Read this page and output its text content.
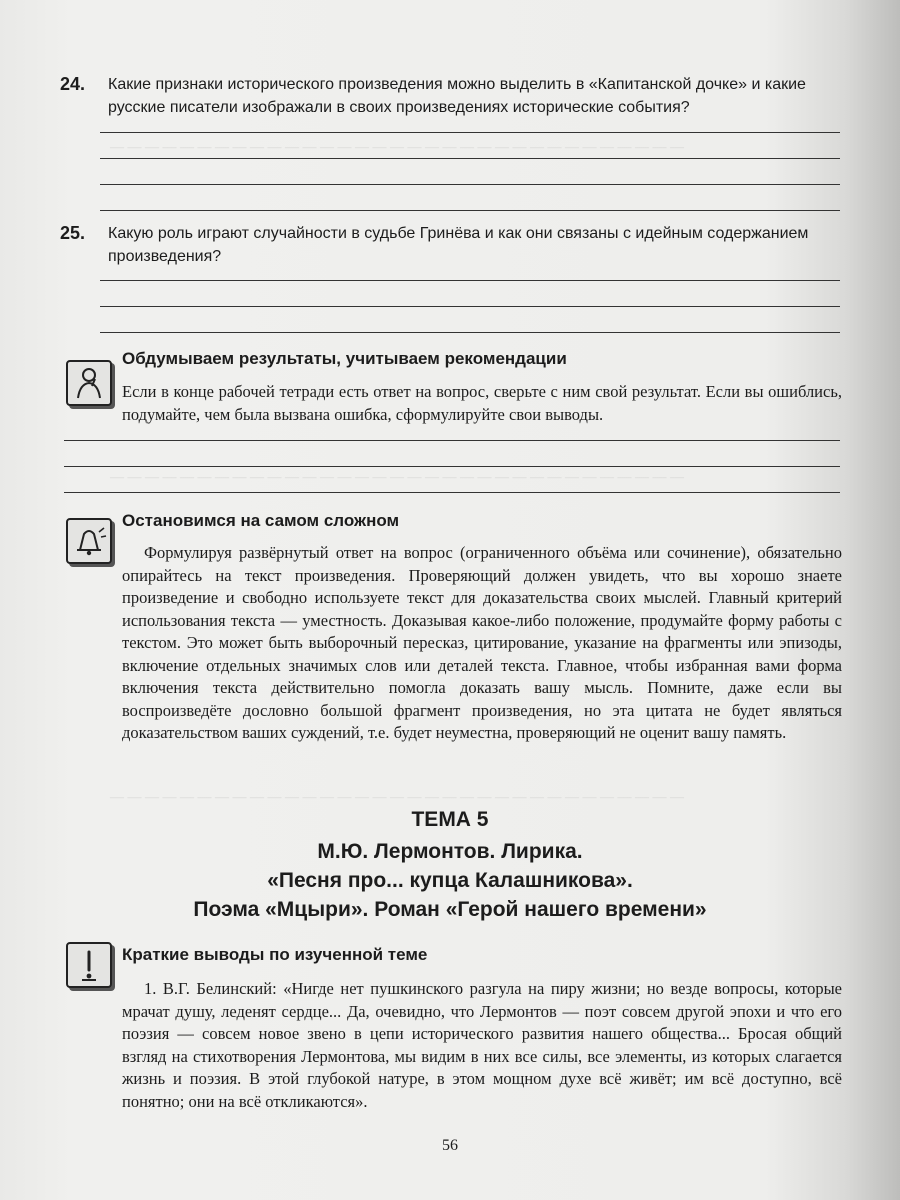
— — — — — — — — — — — — — — — — — — — — — — — — — — — — — — — — —
— — — — — — — — — — — — — — — — — — — — — — — — — — — — — — — — —
— — — — — — — — — — — — — — — — — — — — — — — — — — — — — — — — —
24. Какие признаки исторического произведения можно выделить в «Капитанской дочке» и какие русские писатели изображали в своих произведениях исторические события?
25. Какую роль играют случайности в судьбе Гринёва и как они связаны с идейным содержанием произведения?
Обдумываем результаты, учитываем рекомендации

Если в конце рабочей тетради есть ответ на вопрос, сверьте с ним свой результат. Если вы ошиблись, подумайте, чем была вызвана ошибка, сформулируйте свои выводы.

Остановимся на самом сложном

Формулируя развёрнутый ответ на вопрос (ограниченного объёма или сочинение), обязательно опирайтесь на текст произведения. Проверяющий должен увидеть, что вы хорошо знаете произведение и свободно используете текст для доказательства своих мыслей. Главный критерий использования текста — уместность. Доказывая какое-либо положение, продумайте форму работы с текстом. Это может быть выборочный пересказ, цитирование, указание на фрагменты или эпизоды, включение отдельных значимых слов или деталей текста. Главное, чтобы избранная вами форма включения текста действительно помогла доказать вашу мысль. Помните, даже если вы воспроизведёте дословно большой фрагмент произведения, но эта цитата не будет являться доказательством ваших суждений, т.е. будет неуместна, проверяющий не оценит вашу память.

ТЕМА 5
М.Ю. Лермонтов. Лирика.
«Песня про... купца Калашникова».
Поэма «Мцыри». Роман «Герой нашего времени»
Краткие выводы по изученной теме

1. В.Г. Белинский: «Нигде нет пушкинского разгула на пиру жизни; но везде вопросы, которые мрачат душу, леденят сердце... Да, очевидно, что Лермонтов — поэт совсем другой эпохи и что его поэзия — совсем новое звено в цепи исторического развития нашего общества... Бросая общий взгляд на стихотворения Лермонтова, мы видим в них все силы, все элементы, из которых слагается жизнь и поэзия. В этой глубокой натуре, в этом мощном духе всё живёт; им всё доступно, всё понятно; они на всё откликаются».

56
